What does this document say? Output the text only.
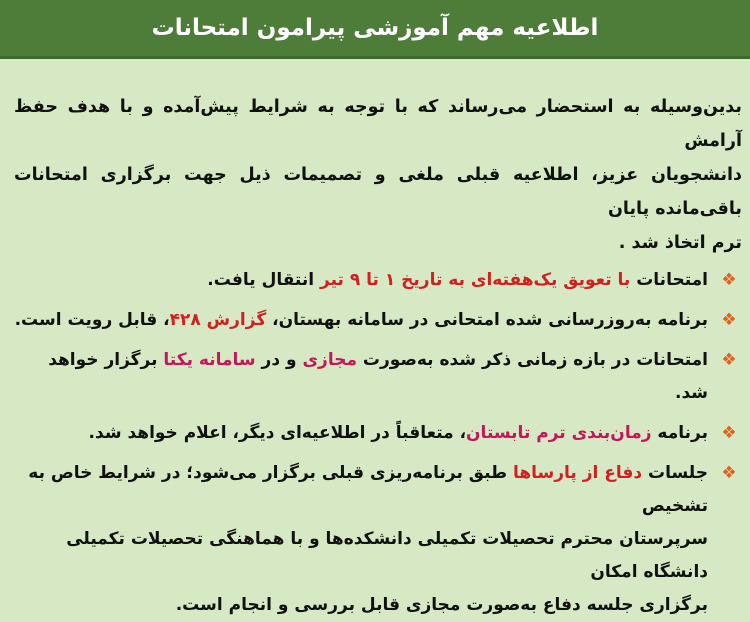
اطلاعیه مهم آموزشی پیرامون امتحانات

بدین‌وسیله به استحضار می‌رساند که با توجه به شرایط پیش‌آمده و با هدف حفظ آرامش

دانشجویان عزیز، اطلاعیه قبلی ملغی و تصمیمات ذیل جهت برگزاری امتحانات باقی‌مانده پایان

ترم اتخاذ شد .

❖
امتحانات با تعویق یک‌هفته‌ای به تاریخ ۱ تا ۹ تیر انتقال یافت.
❖
برنامه به‌روزرسانی شده امتحانی در سامانه بهستان، گزارش ۴۲۸، قابل رویت است.
❖
امتحانات در بازه زمانی ذکر شده به‌صورت مجازی و در سامانه یکتا برگزار خواهد شد.
❖
برنامه زمان‌بندی ترم تابستان، متعاقباً در اطلاعیه‌ای دیگر، اعلام خواهد شد.
❖
جلسات دفاع از پارساها طبق برنامه‌ریزی قبلی برگزار می‌شود؛ در شرایط خاص به تشخیص
سرپرستان محترم تحصیلات تکمیلی دانشکده‌ها و با هماهنگی تحصیلات تکمیلی دانشگاه امکان
برگزاری جلسه دفاع به‌صورت مجازی قابل بررسی و انجام است.
